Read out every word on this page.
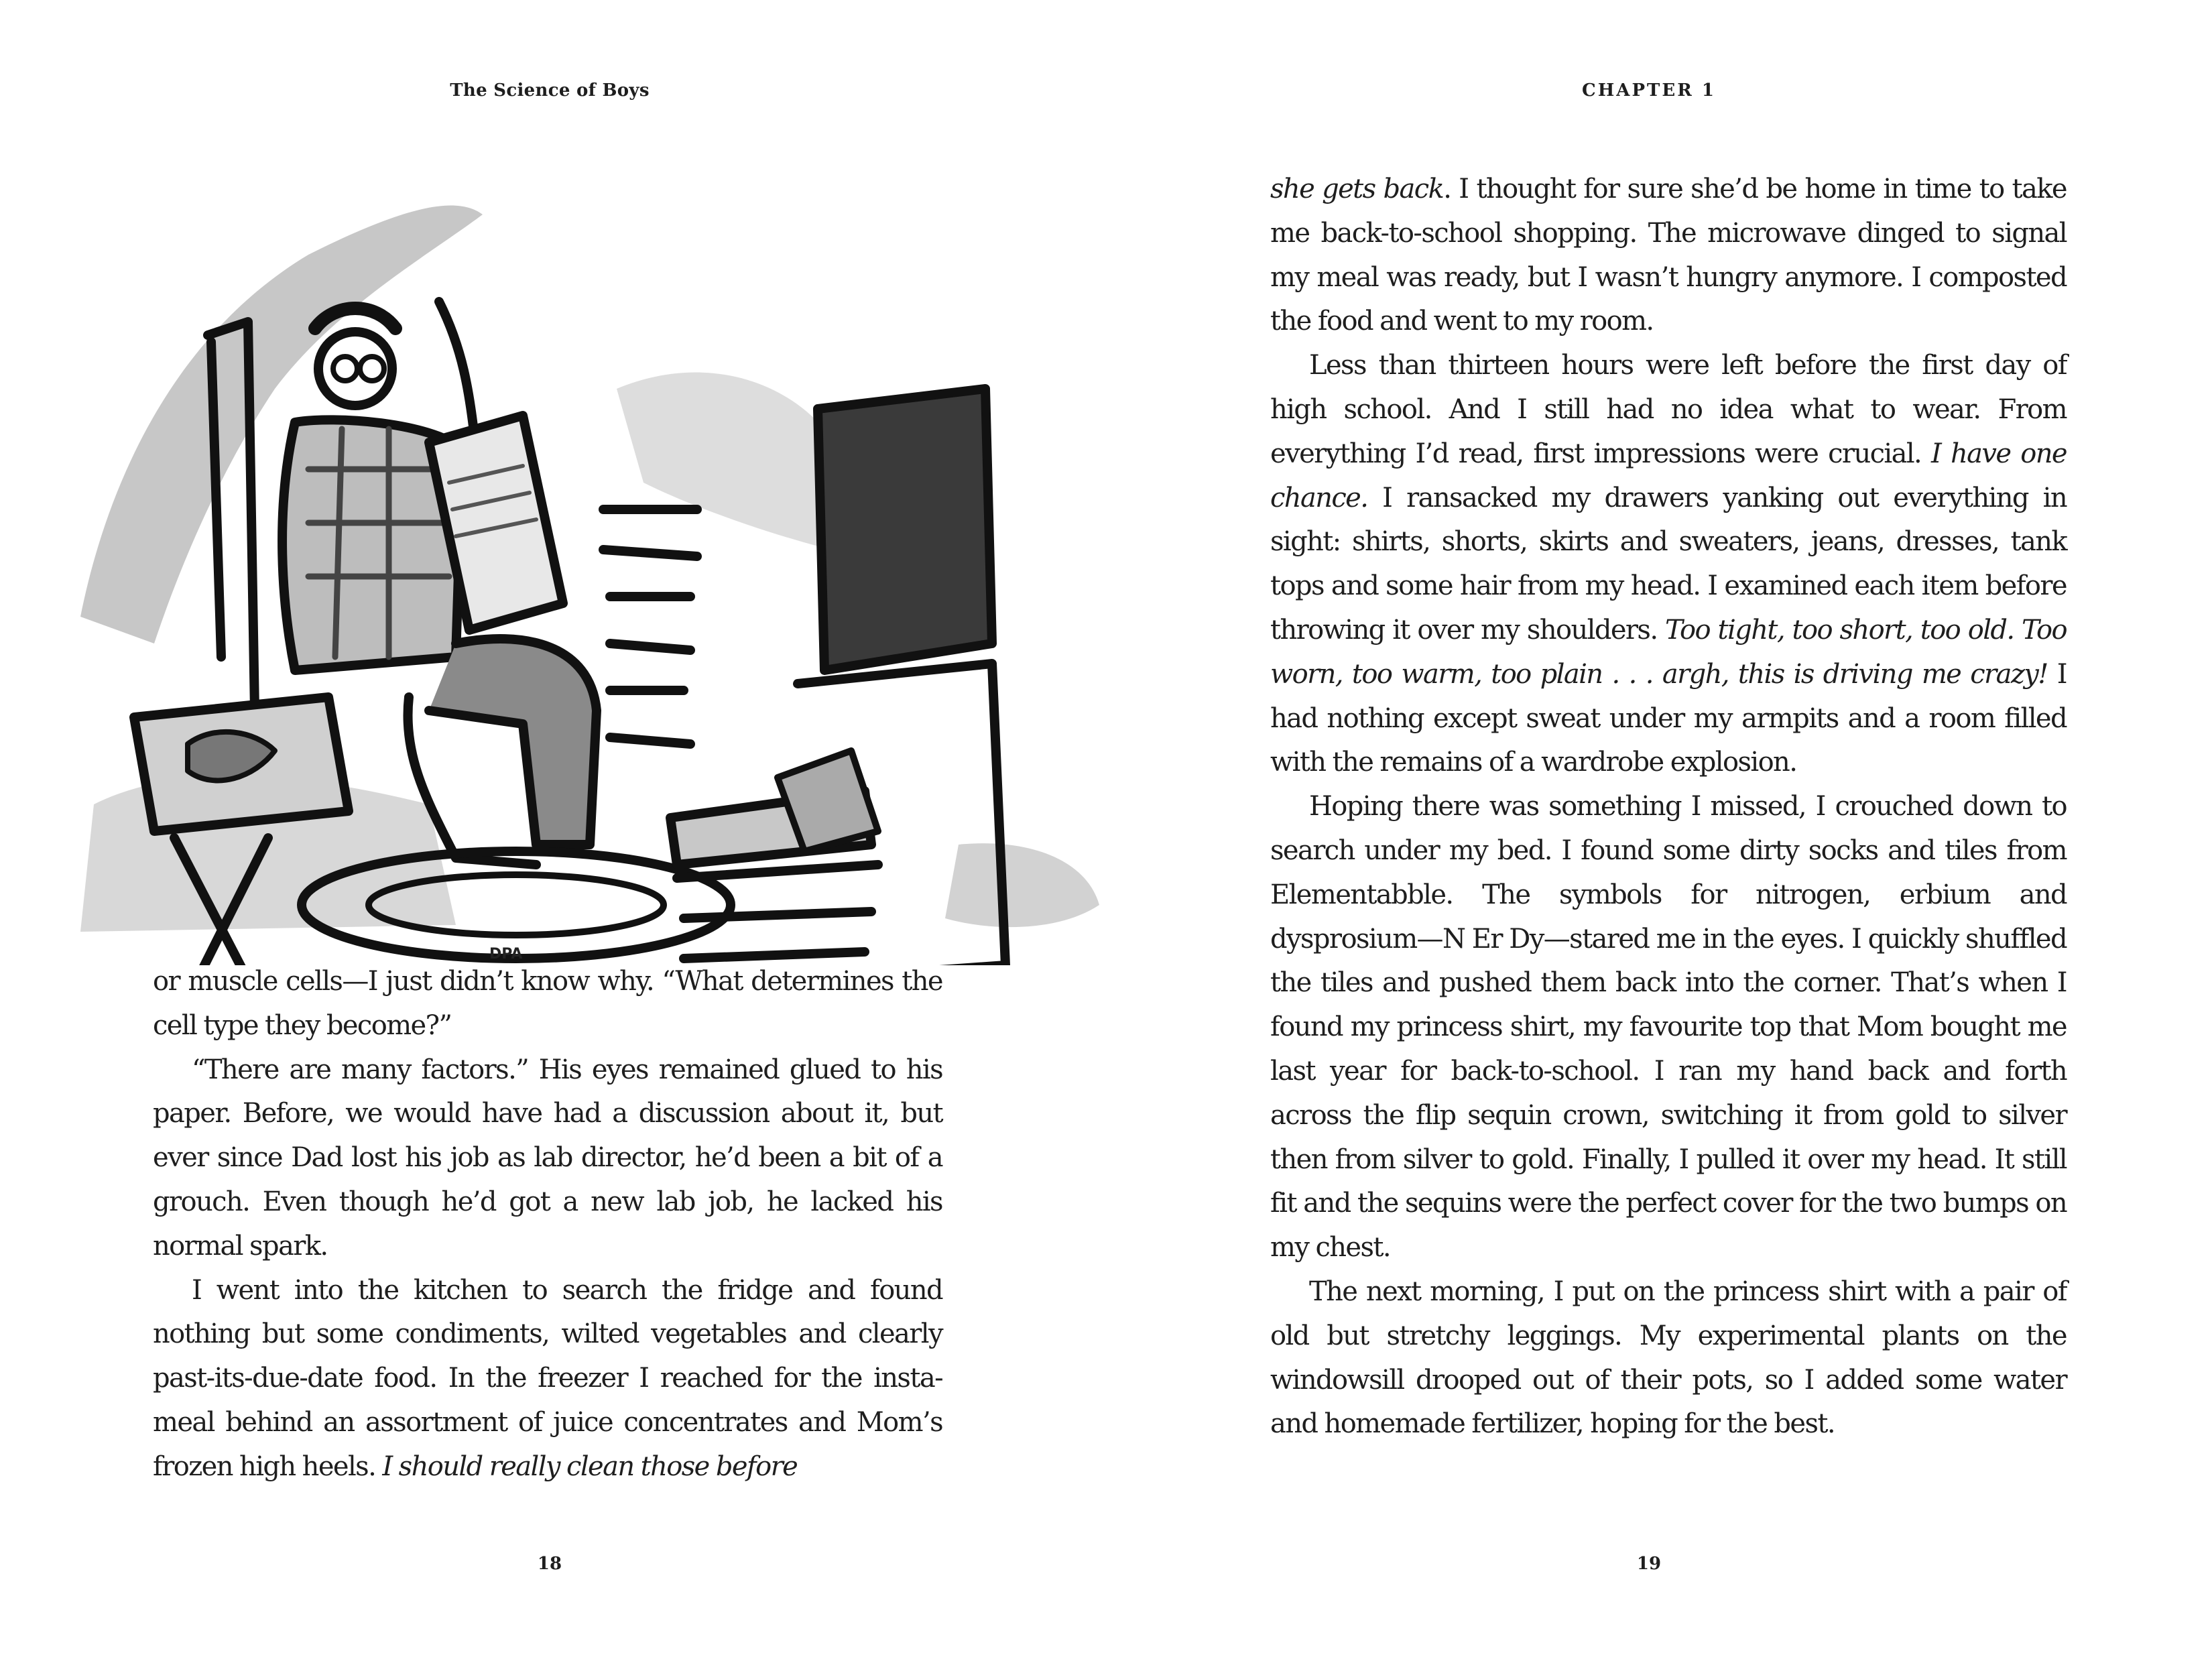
The Science of Boys
DPA

or muscle cells—I just didn’t know why. “What determines the cell type they become?”

“There are many factors.” His eyes remained glued to his paper. Before, we would have had a discussion about it, but ever since Dad lost his job as lab director, he’d been a bit of a grouch. Even though he’d got a new lab job, he lacked his normal spark.

I went into the kitchen to search the fridge and found nothing but some condiments, wilted vegetables and clearly past-its-due-date food. In the freezer I reached for the insta-meal behind an assortment of juice concentrates and Mom’s frozen high heels. I should really clean those before

18
CHAPTER 1

she gets back. I thought for sure she’d be home in time to take me back-to-school shopping. The microwave dinged to signal my meal was ready, but I wasn’t hungry anymore. I composted the food and went to my room.

Less than thirteen hours were left before the first day of high school. And I still had no idea what to wear. From everything I’d read, first impressions were crucial. I have one chance. I ransacked my drawers yanking out everything in sight: shirts, shorts, skirts and sweaters, jeans, dresses, tank tops and some hair from my head. I examined each item before throwing it over my shoulders. Too tight, too short, too old. Too worn, too warm, too plain . . . argh, this is driving me crazy! I had nothing except sweat under my armpits and a room filled with the remains of a wardrobe explosion.

Hoping there was something I missed, I crouched down to search under my bed. I found some dirty socks and tiles from Elementabble. The symbols for nitrogen, erbium and dysprosium—N Er Dy—stared me in the eyes. I quickly shuffled the tiles and pushed them back into the corner. That’s when I found my princess shirt, my favourite top that Mom bought me last year for back-to-school. I ran my hand back and forth across the flip sequin crown, switching it from gold to silver then from silver to gold. Finally, I pulled it over my head. It still fit and the sequins were the perfect cover for the two bumps on my chest.

The next morning, I put on the princess shirt with a pair of old but stretchy leggings. My experimental plants on the windowsill drooped out of their pots, so I added some water and homemade fertilizer, hoping for the best.

19
